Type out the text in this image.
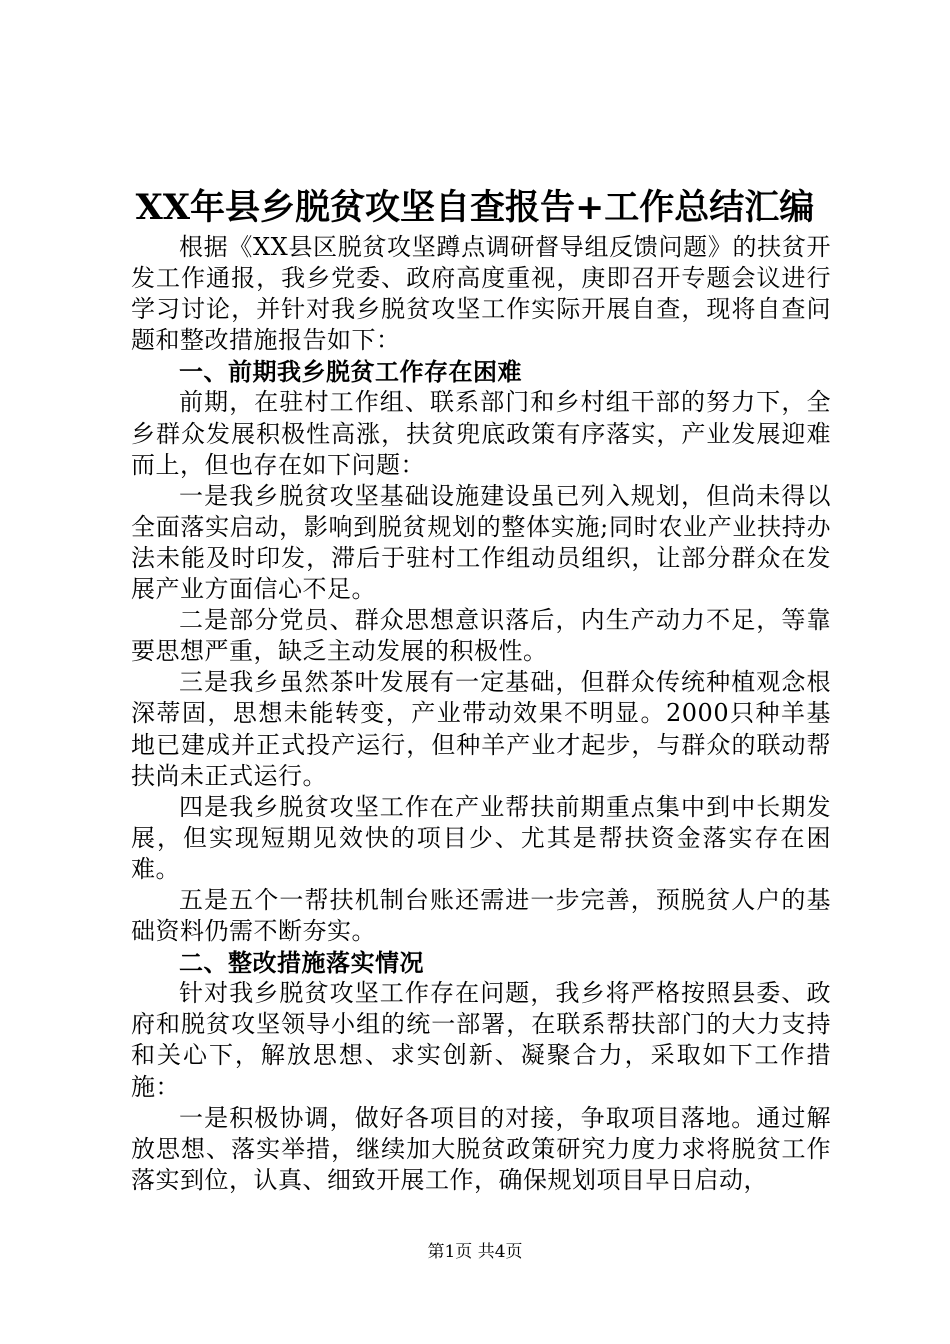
XX年县乡脱贫攻坚自查报告+工作总结汇编

根据《XX县区脱贫攻坚蹲点调研督导组反馈问题》的扶贫开发工作通报，我乡党委、政府高度重视，庚即召开专题会议进行学习讨论，并针对我乡脱贫攻坚工作实际开展自查，现将自查问题和整改措施报告如下：

一、前期我乡脱贫工作存在困难

前期，在驻村工作组、联系部门和乡村组干部的努力下，全乡群众发展积极性高涨，扶贫兜底政策有序落实，产业发展迎难而上，但也存在如下问题：

一是我乡脱贫攻坚基础设施建设虽已列入规划，但尚未得以全面落实启动，影响到脱贫规划的整体实施;同时农业产业扶持办法未能及时印发，滞后于驻村工作组动员组织，让部分群众在发展产业方面信心不足。

二是部分党员、群众思想意识落后，内生产动力不足，等靠要思想严重，缺乏主动发展的积极性。

三是我乡虽然茶叶发展有一定基础，但群众传统种植观念根深蒂固，思想未能转变，产业带动效果不明显。2000只种羊基地已建成并正式投产运行，但种羊产业才起步，与群众的联动帮扶尚未正式运行。

四是我乡脱贫攻坚工作在产业帮扶前期重点集中到中长期发展，但实现短期见效快的项目少、尤其是帮扶资金落实存在困难。

五是五个一帮扶机制台账还需进一步完善，预脱贫人户的基础资料仍需不断夯实。

二、整改措施落实情况

针对我乡脱贫攻坚工作存在问题，我乡将严格按照县委、政府和脱贫攻坚领导小组的统一部署，在联系帮扶部门的大力支持和关心下，解放思想、求实创新、凝聚合力，采取如下工作措施：

一是积极协调，做好各项目的对接，争取项目落地。通过解放思想、落实举措，继续加大脱贫政策研究力度力求将脱贫工作落实到位，认真、细致开展工作，确保规划项目早日启动，

第1页 共4页
